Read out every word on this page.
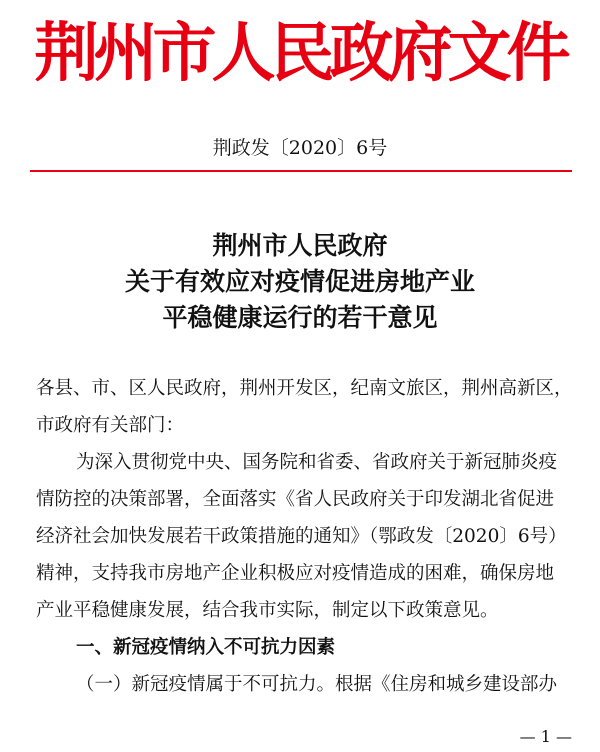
荆州市人民政府文件
荆政发〔2020〕6号
荆州市人民政府
关于有效应对疫情促进房地产业
平稳健康运行的若干意见
各县、市、区人民政府，荆州开发区，纪南文旅区，荆州高新区，
市政府有关部门：
为深入贯彻党中央、国务院和省委、省政府关于新冠肺炎疫
情防控的决策部署，全面落实《省人民政府关于印发湖北省促进
经济社会加快发展若干政策措施的通知》（鄂政发〔2020〕6号）
精神，支持我市房地产企业积极应对疫情造成的困难，确保房地
产业平稳健康发展，结合我市实际，制定以下政策意见。
一、新冠疫情纳入不可抗力因素
（一）新冠疫情属于不可抗力。根据《住房和城乡建设部办
— 1 —
